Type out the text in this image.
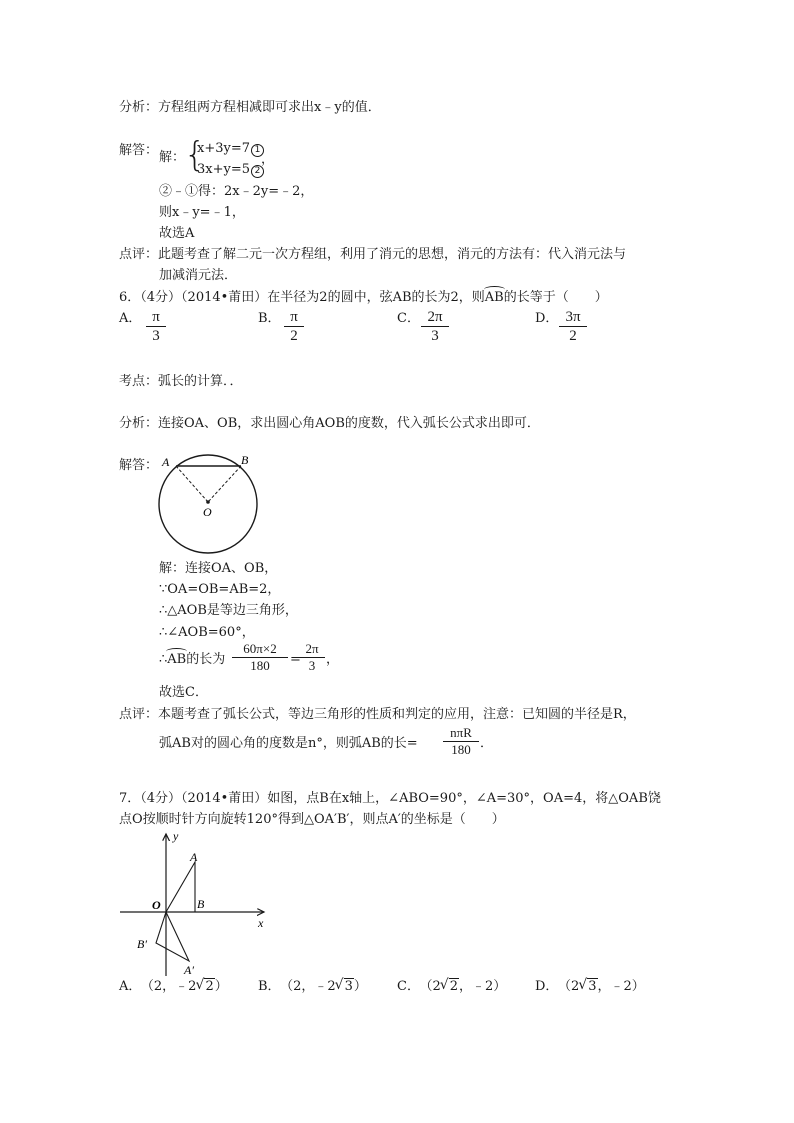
分析：方程组两方程相减即可求出x﹣y的值．
解答： 解：
{
x+3y=7 1
3x+y=5 2
，
②﹣①得：2x﹣2y=﹣2，
则x﹣y=﹣1，
故选A
点评：此题考查了解二元一次方程组，利用了消元的思想，消元的方法有：代入消元法与
加减消元法．
6．（4分）（2014•莆田）在半径为2的圆中，弦AB的长为2，则AB的长等于（　　）
A． π
3
B． π
2
C． 2π
3
D． 3π
2
考点：弧长的计算．．
分析：连接OA、OB，求出圆心角AOB的度数，代入弧长公式求出即可．
解答： A	B
O
解：连接OA、OB，
∵OA=OB=AB=2，
∴△AOB是等边三角形，
∴∠AOB=60°，
∴AB的长为
60π×2
180	=
2π
3 ，
故选C．
点评：本题考查了弧长公式，等边三角形的性质和判定的应用，注意：已知圆的半径是R，
弧AB对的圆心角的度数是n°，则弧AB的长=
nπR
180 ．
7．（4分）（2014•莆田）如图，点B在x轴上，∠ABO=90°，∠A=30°，OA=4，将△OAB饶
点O按顺时针方向旋转120°得到△OA′B′，则点A′的坐标是（　　）
y
x
O
A
B
B′
A′
A． （2，﹣2 √ 2） B． （2，﹣2 √ 3） C． （2 √ 2，﹣2） D． （2 √ 3，﹣2）
